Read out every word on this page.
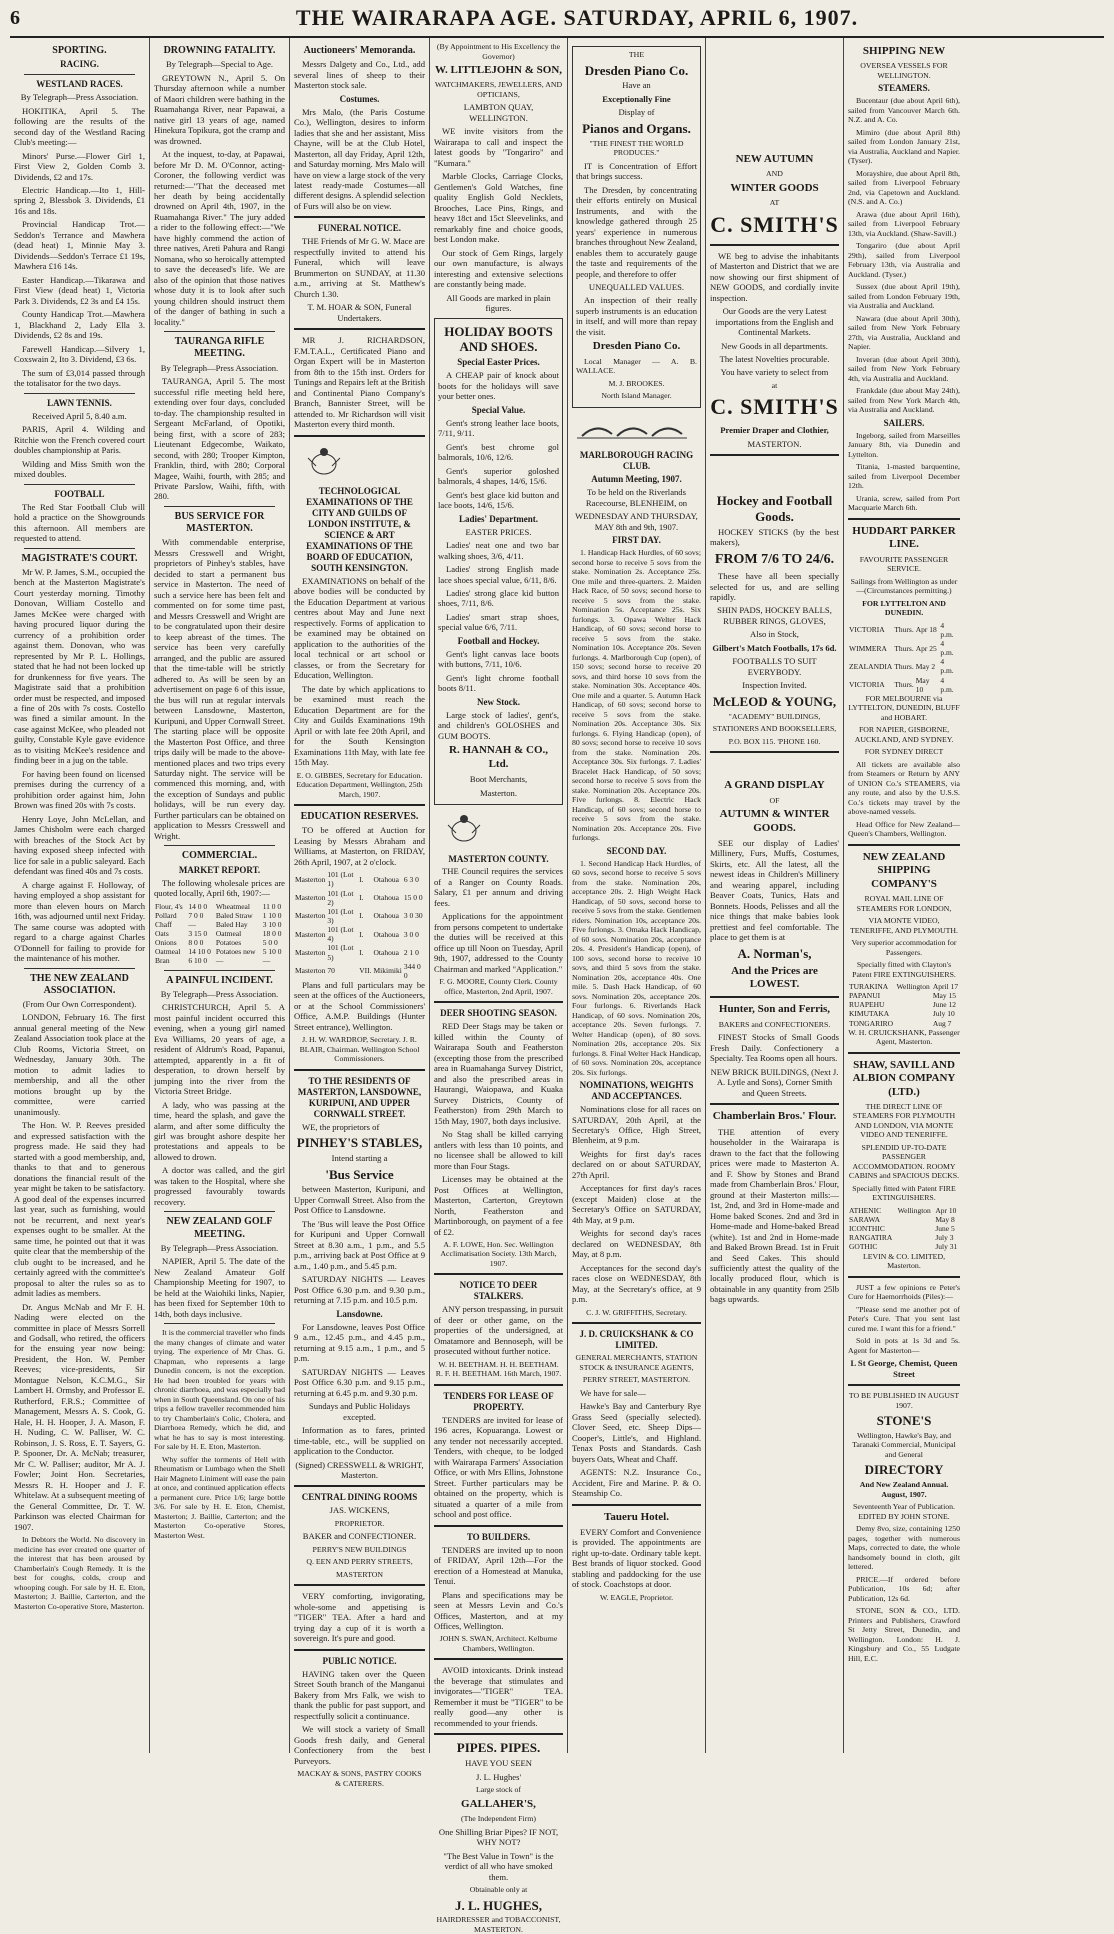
6	THE WAIRARAPA AGE. SATURDAY, APRIL 6, 1907.
SPORTING.
RACING.
WESTLAND RACES.

By Telegraph—Press Association.

HOKITIKA, April 5. The following are the results of the second day of the Westland Racing Club's meeting:—

Minors' Purse.—Flower Girl 1, First View 2, Golden Comb 3. Dividends, £2 and 17s.

Electric Handicap.—Ito 1, Hill-spring 2, Blessbok 3. Dividends, £1 16s and 18s.

Provincial Handicap Trot.—Seddon's Terrance and Mawhera (dead heat) 1, Minnie May 3. Dividends—Seddon's Terrace £1 19s, Mawhera £16 14s.

Easter Handicap.—Tikarawa and First View (dead heat) 1, Victoria Park 3. Dividends, £2 3s and £4 15s.

County Handicap Trot.—Mawhera 1, Blackhand 2, Lady Ella 3. Dividends, £2 8s and 19s.

Farewell Handicap.—Silvery 1, Coxswain 2, Ito 3. Dividend, £3 6s.

The sum of £3,014 passed through the totalisator for the two days.

LAWN TENNIS.

Received April 5, 8.40 a.m.

PARIS, April 4. Wilding and Ritchie won the French covered court doubles championship at Paris.

Wilding and Miss Smith won the mixed doubles.

FOOTBALL

The Red Star Football Club will hold a practice on the Showgrounds this afternoon. All members are requested to attend.

MAGISTRATE'S COURT.

Mr W. P. James, S.M., occupied the bench at the Masterton Magistrate's Court yesterday morning. Timothy Donovan, William Costello and James McKee were charged with having procured liquor during the currency of a prohibition order against them. Donovan, who was represented by Mr P. L. Hollings, stated that he had not been locked up for drunkenness for five years. The Magistrate said that a prohibition order must be respected, and imposed a fine of 20s with 7s costs. Costello was fined a similar amount. In the case against McKee, who pleaded not guilty, Constable Kyle gave evidence as to visiting McKee's residence and finding beer in a jug on the table.

For having been found on licensed premises during the currency of a prohibition order against him, John Brown was fined 20s with 7s costs.

Henry Loye, John McLellan, and James Chisholm were each charged with breaches of the Stock Act by having exposed sheep infected with lice for sale in a public saleyard. Each defendant was fined 40s and 7s costs.

A charge against F. Holloway, of having employed a shop assistant for more than eleven hours on March 16th, was adjourned until next Friday. The same course was adopted with regard to a charge against Charles O'Donnell for failing to provide for the maintenance of his mother.

THE NEW ZEALAND ASSOCIATION.

(From Our Own Correspondent).

LONDON, February 16. The first annual general meeting of the New Zealand Association took place at the Club Rooms, Victoria Street, on Wednesday, January 30th. The motion to admit ladies to membership, and all the other motions brought up by the committee, were carried unanimously.

The Hon. W. P. Reeves presided and expressed satisfaction with the progress made. He said they had started with a good membership, and, thanks to that and to generous donations the financial result of the year might be taken to be satisfactory. A good deal of the expenses incurred last year, such as furnishing, would not be recurrent, and next year's expenses ought to be smaller. At the same time, he pointed out that it was quite clear that the membership of the club ought to be increased, and he certainly agreed with the committee's proposal to alter the rules so as to admit ladies as members.

Dr. Angus McNab and Mr F. H. Nading were elected on the committee in place of Messrs Sorrell and Godsall, who retired, the officers for the ensuing year now being: President, the Hon. W. Pember Reeves; vice-presidents, Sir Montague Nelson, K.C.M.G., Sir Lambert H. Ormsby, and Professor E. Rutherford, F.R.S.; Committee of Management, Messrs A. S. Cook, G. Hale, H. H. Hooper, J. A. Mason, F. H. Nuding, C. W. Palliser, W. C. Robinson, J. S. Ross, E. T. Sayers, G. P. Spooner, Dr. A. McNab; treasurer, Mr C. W. Palliser; auditor, Mr A. J. Fowler; Joint Hon. Secretaries, Messrs R. H. Hooper and J. F. Whitelaw. At a subsequent meeting of the General Committee, Dr. T. W. Parkinson was elected Chairman for 1907.

In Debtors the World. No discovery in medicine has ever created one quarter of the interest that has been aroused by Chamberlain's Cough Remedy. It is the best for coughs, colds, croup and whooping cough. For sale by H. E. Eton, Masterton; J. Baillie, Carterton, and the Masterton Co-operative Store, Masterton.

DROWNING FATALITY.

By Telegraph—Special to Age.

GREYTOWN N., April 5. On Thursday afternoon while a number of Maori children were bathing in the Ruamahanga River, near Papawai, a native girl 13 years of age, named Hinekura Topikura, got the cramp and was drowned.

At the inquest, to-day, at Papawai, before Mr D. M. O'Connor, acting-Coroner, the following verdict was returned:—"That the deceased met her death by being accidentally drowned on April 4th, 1907, in the Ruamahanga River." The jury added a rider to the following effect:—"We have highly commend the action of three natives, Areti Pahura and Rangi Nomana, who so heroically attempted to save the deceased's life. We are also of the opinion that those natives whose duty it is to look after such young children should instruct them of the danger of bathing in such a locality."

TAURANGA RIFLE MEETING.

By Telegraph—Press Association.

TAURANGA, April 5. The most successful rifle meeting held here, extending over four days, concluded to-day. The championship resulted in Sergeant McFarland, of Opotiki, being first, with a score of 283; Lieutenant Edgecombe, Waikato, second, with 280; Trooper Kimpton, Franklin, third, with 280; Corporal Magee, Waihi, fourth, with 285; and Private Parslow, Waihi, fifth, with 280.

BUS SERVICE FOR MASTERTON.

With commendable enterprise, Messrs Cresswell and Wright, proprietors of Pinhey's stables, have decided to start a permanent bus service in Masterton. The need of such a service here has been felt and commented on for some time past, and Messrs Cresswell and Wright are to be congratulated upon their desire to keep abreast of the times. The service has been very carefully arranged, and the public are assured that the time-table will be strictly adhered to. As will be seen by an advertisement on page 6 of this issue, the bus will run at regular intervals between Lansdowne, Masterton, Kuripuni, and Upper Cornwall Street. The starting place will be opposite the Masterton Post Office, and three trips daily will be made to the above-mentioned places and two trips every Saturday night. The service will be commenced this morning, and, with the exception of Sundays and public holidays, will be run every day. Further particulars can be obtained on application to Messrs Cresswell and Wright.

COMMERCIAL.
MARKET REPORT.

The following wholesale prices are quoted locally, April 6th, 1907:—

Flour, 4's	14 0 0	Wheatmeal	11 0 0
Pollard	7 0 0	Baled Straw	1 10 0
Chaff	—	Baled Hay	3 10 0
Oats	3 15 0	Oatmeal	18 0 0
Onions	8 0 0	Potatoes	5 0 0
Oatmeal	14 10 0	Potatoes new	5 10 0
Bran	6 10 0	—	—
A PAINFUL INCIDENT.

By Telegraph—Press Association.

CHRISTCHURCH, April 5. A most painful incident occurred this evening, when a young girl named Eva Williams, 20 years of age, a resident of Aldrum's Road, Papanui, attempted, apparently in a fit of desperation, to drown herself by jumping into the river from the Victoria Street Bridge.

A lady, who was passing at the time, heard the splash, and gave the alarm, and after some difficulty the girl was brought ashore despite her protestations and appeals to be allowed to drown.

A doctor was called, and the girl was taken to the Hospital, where she progressed favourably towards recovery.

NEW ZEALAND GOLF MEETING.

By Telegraph—Press Association.

NAPIER, April 5. The date of the New Zealand Amateur Golf Championship Meeting for 1907, to be held at the Waiohiki links, Napier, has been fixed for September 10th to 14th, both days inclusive.

It is the commercial traveller who finds the many changes of climate and water trying. The experience of Mr Chas. G. Chapman, who represents a large Dunedin concern, is not the exception. He had been troubled for years with chronic diarrhoea, and was especially bad when in South Queensland. On one of his trips a fellow traveller recommended him to try Chamberlain's Colic, Cholera, and Diarrhoea Remedy, which he did, and what he has to say is most interesting. For sale by H. E. Eton, Masterton.

Why suffer the torments of Hell with Rheumatism or Lumbago when the Shell Hair Magneto Liniment will ease the pain at once, and continued application effects a permanent cure. Price 1/6; large bottle 3/6. For sale by H. E. Eton, Chemist, Masterton; J. Baillie, Carterton; and the Masterton Co-operative Stores, Masterton West.

Auctioneers' Memoranda.

Messrs Dalgety and Co., Ltd., add several lines of sheep to their Masterton stock sale.

Costumes.

Mrs Malo, (the Paris Costume Co.), Wellington, desires to inform ladies that she and her assistant, Miss Chayne, will be at the Club Hotel, Masterton, all day Friday, April 12th, and Saturday morning. Mrs Malo will have on view a large stock of the very latest ready-made Costumes—all different designs. A splendid selection of Furs will also be on view.

FUNERAL NOTICE.

THE Friends of Mr G. W. Mace are respectfully invited to attend his Funeral, which will leave Brummerton on SUNDAY, at 11.30 a.m., arriving at St. Matthew's Church 1.30.

T. M. HOAR & SON, Funeral Undertakers.

MR J. RICHARDSON, F.M.T.A.L., Certificated Piano and Organ Expert will be in Masterton from 8th to the 15th inst. Orders for Tunings and Repairs left at the British and Continental Piano Company's Branch, Bannister Street, will be attended to. Mr Richardson will visit Masterton every third month.

TECHNOLOGICAL EXAMINATIONS OF THE CITY AND GUILDS OF LONDON INSTITUTE, & SCIENCE & ART EXAMINATIONS OF THE BOARD OF EDUCATION, SOUTH KENSINGTON.

EXAMINATIONS on behalf of the above bodies will be conducted by the Education Department at various centres about May and June next respectively. Forms of application to be examined may be obtained on application to the authorities of the local technical or art school or classes, or from the Secretary for Education, Wellington.

The date by which applications to be examined must reach the Education Department are for the City and Guilds Examinations 19th April or with late fee 20th April, and for the South Kensington Examinations 11th May, with late fee 15th May.

E. O. GIBBES, Secretary for Education. Education Department, Wellington, 25th March, 1907.

EDUCATION RESERVES.

TO be offered at Auction for Leasing by Messrs Abraham and Williams, at Masterton, on FRIDAY, 26th April, 1907, at 2 o'clock.

Masterton	101 (Lot 1)	I.	Otahoua	6 3 0
Masterton	101 (Lot 2)	I.	Otahoua	15 0 0
Masterton	101 (Lot 3)	I.	Otahoua	3 0 30
Masterton	101 (Lot 4)	I.	Otahoua	3 0 0
Masterton	101 (Lot 5)	I.	Otahoua	2 1 0
Masterton	70	VII.	Mikimiki	344 0 0

Plans and full particulars may be seen at the offices of the Auctioneers, or at the School Commissioners' Office, A.M.P. Buildings (Hunter Street entrance), Wellington.

J. H. W. WARDROP, Secretary. J. R. BLAIR, Chairman. Wellington School Commissioners.

TO THE RESIDENTS OF MASTERTON, LANSDOWNE, KURIPUNI, AND UPPER CORNWALL STREET.

WE, the proprietors of

PINHEY'S STABLES,

Intend starting a

'Bus Service

between Masterton, Kuripuni, and Upper Cornwall Street. Also from the Post Office to Lansdowne.

The 'Bus will leave the Post Office for Kuripuni and Upper Cornwall Street at 8.30 a.m., 1 p.m., and 5.5 p.m., arriving back at Post Office at 9 a.m., 1.40 p.m., and 5.45 p.m.

SATURDAY NIGHTS — Leaves Post Office 6.30 p.m. and 9.30 p.m., returning at 7.15 p.m. and 10.5 p.m.

Lansdowne.

For Lansdowne, leaves Post Office 9 a.m., 12.45 p.m., and 4.45 p.m., returning at 9.15 a.m., 1 p.m., and 5 p.m.

SATURDAY NIGHTS — Leaves Post Office 6.30 p.m. and 9.15 p.m., returning at 6.45 p.m. and 9.30 p.m.

Sundays and Public Holidays excepted.

Information as to fares, printed time-table, etc., will be supplied on application to the Conductor.

(Signed) CRESSWELL & WRIGHT, Masterton.

CENTRAL DINING ROOMS

JAS. WICKENS,

PROPRIETOR.

BAKER and CONFECTIONER.

PERRY'S NEW BUILDINGS

Q. EEN AND PERRY STREETS,

MASTERTON

VERY comforting, invigorating, whole-some and appetising is "TIGER" TEA. After a hard and trying day a cup of it is worth a sovereign. It's pure and good.

PUBLIC NOTICE.

HAVING taken over the Queen Street South branch of the Manganui Bakery from Mrs Falk, we wish to thank the public for past support, and respectfully solicit a continuance.

We will stock a variety of Small Goods fresh daily, and General Confectionery from the best Purveyors.

MACKAY & SONS, PASTRY COOKS & CATERERS.

(By Appointment to His Excellency the Governor)

W. LITTLEJOHN & SON,

WATCHMAKERS, JEWELLERS, AND OPTICIANS,

LAMBTON QUAY, WELLINGTON.

WE invite visitors from the Wairarapa to call and inspect the latest goods by "Tongariro" and "Kumara."

Marble Clocks, Carriage Clocks, Gentlemen's Gold Watches, fine quality English Gold Necklets, Brooches, Lace Pins, Rings, and heavy 18ct and 15ct Sleevelinks, and remarkably fine and choice goods, best London make.

Our stock of Gem Rings, largely our own manufacture, is always interesting and extensive selections are constantly being made.

All Goods are marked in plain figures.

HOLIDAY BOOTS AND SHOES.
Special Easter Prices.

A CHEAP pair of knock about boots for the holidays will save your better ones.

Special Value.

Gent's strong leather lace boots, 7/11, 9/11.

Gent's best chrome gol balmorals, 10/6, 12/6.

Gent's superior goloshed balmorals, 4 shapes, 14/6, 15/6.

Gent's best glace kid button and lace boots, 14/6, 15/6.

Ladies' Department.

EASTER PRICES.

Ladies' neat one and two bar walking shoes, 3/6, 4/11.

Ladies' strong English made lace shoes special value, 6/11, 8/6.

Ladies' strong glace kid button shoes, 7/11, 8/6.

Ladies' smart strap shoes, special value 6/6, 7/11.

Football and Hockey.

Gent's light canvas lace boots with buttons, 7/11, 10/6.

Gent's light chrome football boots 8/11.

New Stock.

Large stock of ladies', gent's, and children's GOLOSHES and GUM BOOTS.

R. HANNAH & CO., Ltd.

Boot Merchants,

Masterton.

MASTERTON COUNTY.

THE Council requires the services of a Ranger on County Roads. Salary, £1 per annum and driving fees.

Applications for the appointment from persons competent to undertake the duties will be received at this office up till Noon on Tuesday, April 9th, 1907, addressed to the County Chairman and marked "Application."

F. G. MOORE, County Clerk. County office, Masterton, 2nd April, 1907.

DEER SHOOTING SEASON.

RED Deer Stags may be taken or killed within the County of Wairarapa South and Featherston (excepting those from the prescribed area in Ruamahanga Survey District, and also the prescribed areas in Haurangi, Waiopawa, and Kuaka Survey Districts, County of Featherston) from 29th March to 15th May, 1907, both days inclusive.

No Stag shall be killed carrying antlers with less than 10 points, and no licensee shall be allowed to kill more than Four Stags.

Licenses may be obtained at the Post Offices at Wellington, Masterton, Carterton, Greytown North, Featherston and Martinborough, on payment of a fee of £2.

A. F. LOWE, Hon. Sec. Wellington Acclimatisation Society. 13th March, 1907.

NOTICE TO DEER STALKERS.

ANY person trespassing, in pursuit of deer or other game, on the properties of the undersigned, at Omatamore and Bennoseph, will be prosecuted without further notice.

W. H. BEETHAM. H. H. BEETHAM. R. F. H. BEETHAM. 16th March, 1907.

TENDERS FOR LEASE OF PROPERTY.

TENDERS are invited for lease of 196 acres, Kopuaranga. Lowest or any tender not necessarily accepted. Tenders, with cheque, to be lodged with Wairarapa Farmers' Association Office, or with Mrs Ellins, Johnstone Street. Further particulars may be obtained on the property, which is situated a quarter of a mile from school and post office.

TO BUILDERS.

TENDERS are invited up to noon of FRIDAY, April 12th—For the erection of a Homestead at Manuka, Tenui.

Plans and specifications may be seen at Messrs Levin and Co.'s Offices, Masterton, and at my Offices, Wellington.

JOHN S. SWAN, Architect. Kelburne Chambers, Wellington.

AVOID intoxicants. Drink instead the beverage that stimulates and invigorates—"TIGER" TEA. Remember it must be "TIGER" to be really good—any other is recommended to your friends.

PIPES. PIPES.

HAVE YOU SEEN

J. L. Hughes'

Large stock of

GALLAHER'S,

(The Independent Firm)

One Shilling Briar Pipes? IF NOT, WHY NOT?

"The Best Value in Town" is the verdict of all who have smoked them.

Obtainable only at

J. L. HUGHES,

HAIRDRESSER and TOBACCONIST, MASTERTON.

THE

Dresden Piano Co.

Have an

Exceptionally Fine

Display of

Pianos and Organs.

"THE FINEST THE WORLD PRODUCES."

IT is Concentration of Effort that brings success.

The Dresden, by concentrating their efforts entirely on Musical Instruments, and with the knowledge gathered through 25 years' experience in numerous branches throughout New Zealand, enables them to accurately gauge the taste and requirements of the people, and therefore to offer

UNEQUALLED VALUES.

An inspection of their really superb instruments is an education in itself, and will more than repay the visit.

Dresden Piano Co.

Local Manager — A. B. WALLACE.

M. J. BROOKES.

North Island Manager.

MARLBOROUGH RACING CLUB.
Autumn Meeting, 1907.

To be held on the Riverlands Racecourse, BLENHEIM, on

WEDNESDAY AND THURSDAY, MAY 8th and 9th, 1907.

FIRST DAY.

1. Handicap Hack Hurdles, of 60 sovs; second horse to receive 5 sovs from the stake. Nomination 2s. Acceptance 25s. One mile and three-quarters. 2. Maiden Hack Race, of 50 sovs; second horse to receive 5 sovs from the stake. Nomination 5s. Acceptance 25s. Six furlongs. 3. Opawa Welter Hack Handicap, of 60 sovs; second horse to receive 5 sovs from the stake. Nomination 10s. Acceptance 20s. Seven furlongs. 4. Marlborough Cup (open), of 150 sovs; second horse to receive 20 sovs, and third horse 10 sovs from the stake. Nomination 30s. Acceptance 40s. One mile and a quarter. 5. Autumn Hack Handicap, of 60 sovs; second horse to receive 5 sovs from the stake. Nomination 20s. Acceptance 30s. Six furlongs. 6. Flying Handicap (open), of 80 sovs; second horse to receive 10 sovs from the stake. Nomination 20s. Acceptance 30s. Six furlongs. 7. Ladies' Bracelet Hack Handicap, of 50 sovs; second horse to receive 5 sovs from the stake. Nomination 20s. Acceptance 20s. Five furlongs. 8. Electric Hack Handicap, of 60 sovs; second horse to receive 5 sovs from the stake. Nomination 20s. Acceptance 20s. Five furlongs.

SECOND DAY.

1. Second Handicap Hack Hurdles, of 60 sovs, second horse to receive 5 sovs from the stake. Nomination 20s, acceptance 20s. 2. High Weight Hack Handicap, of 50 sovs, second horse to receive 5 sovs from the stake. Gentlemen riders. Nomination 10s, acceptance 20s. Five furlongs. 3. Omaka Hack Handicap, of 60 sovs. Nomination 20s, acceptance 20s. 4. President's Handicap (open), of 100 sovs, second horse to receive 10 sovs, and third 5 sovs from the stake. Nomination 20s, acceptance 40s. One mile. 5. Dash Hack Handicap, of 60 sovs. Nomination 20s, acceptance 20s. Four furlongs. 6. Riverlands Hack Handicap, of 60 sovs. Nomination 20s, acceptance 20s. Seven furlongs. 7. Welter Handicap (open), of 80 sovs. Nomination 20s, acceptance 20s. Six furlongs. 8. Final Welter Hack Handicap, of 60 sovs. Nomination 20s, acceptance 20s. Six furlongs.

NOMINATIONS, WEIGHTS AND ACCEPTANCES.

Nominations close for all races on SATURDAY, 20th April, at the Secretary's Office, High Street, Blenheim, at 9 p.m.

Weights for first day's races declared on or about SATURDAY, 27th April.

Acceptances for first day's races (except Maiden) close at the Secretary's Office on SATURDAY, 4th May, at 9 p.m.

Weights for second day's races declared on WEDNESDAY, 8th May, at 8 p.m.

Acceptances for the second day's races close on WEDNESDAY, 8th May, at the Secretary's office, at 9 p.m.

C. J. W. GRIFFITHS, Secretary.

J. D. CRUICKSHANK & CO LIMITED.

GENERAL MERCHANTS, STATION STOCK & INSURANCE AGENTS,

PERRY STREET, MASTERTON.

We have for sale—

Hawke's Bay and Canterbury Rye Grass Seed (specially selected). Clover Seed, etc. Sheep Dips—Cooper's, Little's, and Highland. Tenax Posts and Standards. Cash buyers Oats, Wheat and Chaff.

AGENTS: N.Z. Insurance Co., Accident, Fire and Marine. P. & O. Steamship Co.

Taueru Hotel.

EVERY Comfort and Convenience is provided. The appointments are right up-to-date. Ordinary table kept. Best brands of liquor stocked. Good stabling and paddocking for the use of stock. Coachstops at door.

W. EAGLE, Proprietor.

NEW AUTUMN

AND

WINTER GOODS

AT

C. SMITH'S

WE beg to advise the inhabitants of Masterton and District that we are now showing our first shipment of NEW GOODS, and cordially invite inspection.

Our Goods are the very Latest importations from the English and Continental Markets.

New Goods in all departments.

The latest Novelties procurable.

You have variety to select from

at

C. SMITH'S

Premier Draper and Clothier,

MASTERTON.

Hockey and Football Goods.

HOCKEY STICKS (by the best makers),

FROM 7/6 TO 24/6.

These have all been specially selected for us, and are selling rapidly.

SHIN PADS, HOCKEY BALLS, RUBBER RINGS, GLOVES,

Also in Stock,

Gilbert's Match Footballs, 17s 6d.

FOOTBALLS TO SUIT EVERYBODY.

Inspection Invited.

McLEOD & YOUNG,

"ACADEMY" BUILDINGS,

STATIONERS AND BOOKSELLERS,

P.O. BOX 115. 'PHONE 160.

A GRAND DISPLAY

OF

AUTUMN & WINTER GOODS.

SEE our display of Ladies' Millinery, Furs, Muffs, Costumes, Skirts, etc. All the latest, all the newest ideas in Children's Millinery and wearing apparel, including Beaver Coats, Tunics, Hats and Bonnets. Hoods, Pelisses and all the nice things that make babies look prettiest and feel comfortable. The place to get them is at

A. Norman's,
And the Prices are LOWEST.
Hunter, Son and Ferris,

BAKERS and CONFECTIONERS.

FINEST Stocks of Small Goods Fresh Daily. Confectionery a Specialty. Tea Rooms open all hours.

NEW BRICK BUILDINGS, (Next J. A. Lytle and Sons), Corner Smith and Queen Streets.

Chamberlain Bros.' Flour.

THE attention of every householder in the Wairarapa is drawn to the fact that the following prices were made to Masterton A. and F. Show by Stones and Brand made from Chamberlain Bros.' Flour, ground at their Masterton mills:—1st, 2nd, and 3rd in Home-made and Home baked Scones. 2nd and 3rd in Home-made and Home-baked Bread (white). 1st and 2nd in Home-made and Baked Brown Bread. 1st in Fruit and Seed Cakes. This should sufficiently attest the quality of the locally produced flour, which is obtainable in any quantity from 25lb bags upwards.

SHIPPING NEW

OVERSEA VESSELS FOR WELLINGTON.

STEAMERS.

Bucentaur (due about April 6th), sailed from Vancouver March 6th. N.Z. and A. Co.

Mimiro (due about April 8th) sailed from London January 21st, via Australia, Auckland and Napier. (Tyser).

Morayshire, due about April 8th, sailed from Liverpool February 2nd, via Capetown and Auckland. (N.S. and A. Co.)

Arawa (due about April 16th), sailed from Liverpool February 13th, via Auckland. (Shaw-Savill.)

Tongariro (due about April 29th), sailed from Liverpool February 13th, via Australia and Auckland. (Tyser.)

Sussex (due about April 19th), sailed from London February 19th, via Australia and Auckland.

Nawara (due about April 30th), sailed from New York February 27th, via Australia, Auckland and Napier.

Inveran (due about April 30th), sailed from New York February 4th, via Australia and Auckland.

Frankdale (due about May 24th), sailed from New York March 4th, via Australia and Auckland.

SAILERS.

Ingeborg, sailed from Marseilles January 8th, via Dunedin and Lyttelton.

Titania, 1-masted barquentine, sailed from Liverpool December 12th.

Urania, screw, sailed from Port Macquarie March 6th.

HUDDART PARKER LINE.

FAVOURITE PASSENGER SERVICE.

Sailings from Wellington as under—(Circumstances permitting.)

FOR LYTTELTON AND DUNEDIN.

VICTORIA	Thurs.	Apr 18	4 p.m.
WIMMERA	Thurs.	Apr 25	4 p.m.
ZEALANDIA	Thurs.	May 2	4 p.m.
VICTORIA	Thurs.	May 10	4 p.m.

FOR MELBOURNE via LYTTELTON, DUNEDIN, BLUFF and HOBART.

FOR NAPIER, GISBORNE, AUCKLAND, AND SYDNEY.

FOR SYDNEY DIRECT

All tickets are available also from Steamers or Return by ANY of UNION Co.'s STEAMERS, via any route, and also by the U.S.S. Co.'s tickets may travel by the above-named vessels.

Head Office for New Zealand—Queen's Chambers, Wellington.

NEW ZEALAND SHIPPING COMPANY'S

ROYAL MAIL LINE OF STEAMERS FOR LONDON,

VIA MONTE VIDEO, TENERIFFE, AND PLYMOUTH.

Very superior accommodation for Passengers.

Specially fitted with Clayton's Patent FIRE EXTINGUISHERS.

TURAKINA	Wellington	April 17
PAPANUI		May 15
RUAPEHU		June 12
KIMUTAKA		July 10
TONGARIRO		Aug 7

W. H. CRUICKSHANK, Passenger Agent, Masterton.

SHAW, SAVILL AND ALBION COMPANY (LTD.)

THE DIRECT LINE OF STEAMERS FOR PLYMOUTH AND LONDON, VIA MONTE VIDEO AND TENERIFFE.

SPLENDID UP-TO-DATE PASSENGER ACCOMMODATION. ROOMY CABINS and SPACIOUS DECKS.

Specially fitted with Patent FIRE EXTINGUISHERS.

ATHENIC	Wellington	Apr 10
SARAWA		May 8
ICONTHIC		June 5
RANGATIRA		July 3
GOTHIC		July 31

LEVIN & CO. LIMITED, Masterton.

JUST a few opinions re Peter's Cure for Haemorrhoids (Piles):—

"Please send me another pot of Peter's Cure. That you sent last cured me. I want this for a friend."

Sold in pots at 1s 3d and 5s. Agent for Masterton—

L St George, Chemist, Queen Street

TO BE PUBLISHED IN AUGUST 1907.

STONE'S

Wellington, Hawke's Bay, and Taranaki Commercial, Municipal and General

DIRECTORY

And New Zealand Annual. August, 1907.

Seventeenth Year of Publication. EDITED BY JOHN STONE.

Demy 8vo, size, containing 1250 pages, together with numerous Maps, corrected to date, the whole handsomely bound in cloth, gilt lettered.

PRICE.—If ordered before Publication, 10s 6d; after Publication, 12s 6d.

STONE, SON & CO., LTD. Printers and Publishers, Crawford St Jetty Street, Dunedin, and Wellington. London: H. J. Kingsbury and Co., 55 Ludgate Hill, E.C.
